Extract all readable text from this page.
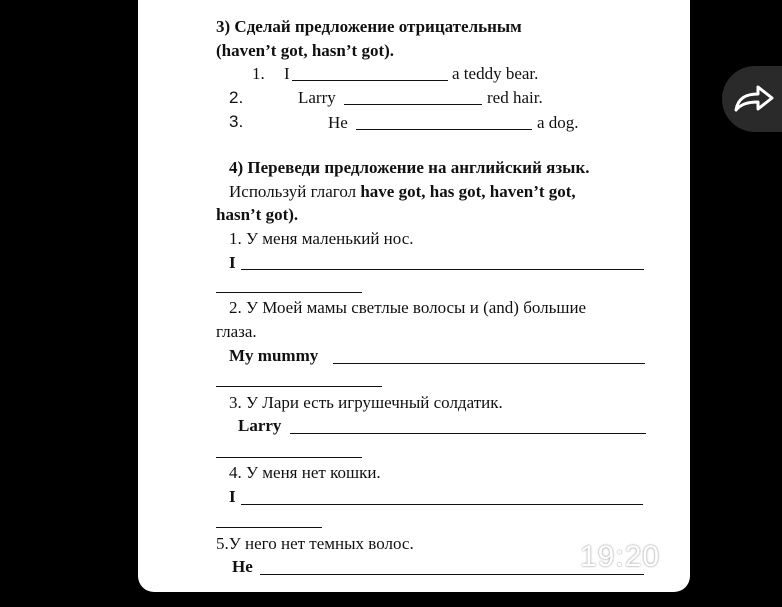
3) Сделай предложение отрицательным
(haven’t got, hasn’t got).
1. I	a teddy bear.
2.	Larry	red hair.
3.	He	a dog.
4) Переведи предложение на английский язык.
Используй глагол have got, has got, haven’t got,
hasn’t got).
1. У меня маленький нос.
I
2. У Моей мамы светлые волосы и (and) большие
глаза.
My mummy
3. У Лари есть игрушечный солдатик.
Larry
4. У меня нет кошки.
I
5.У него нет темных волос.
He	19:20
